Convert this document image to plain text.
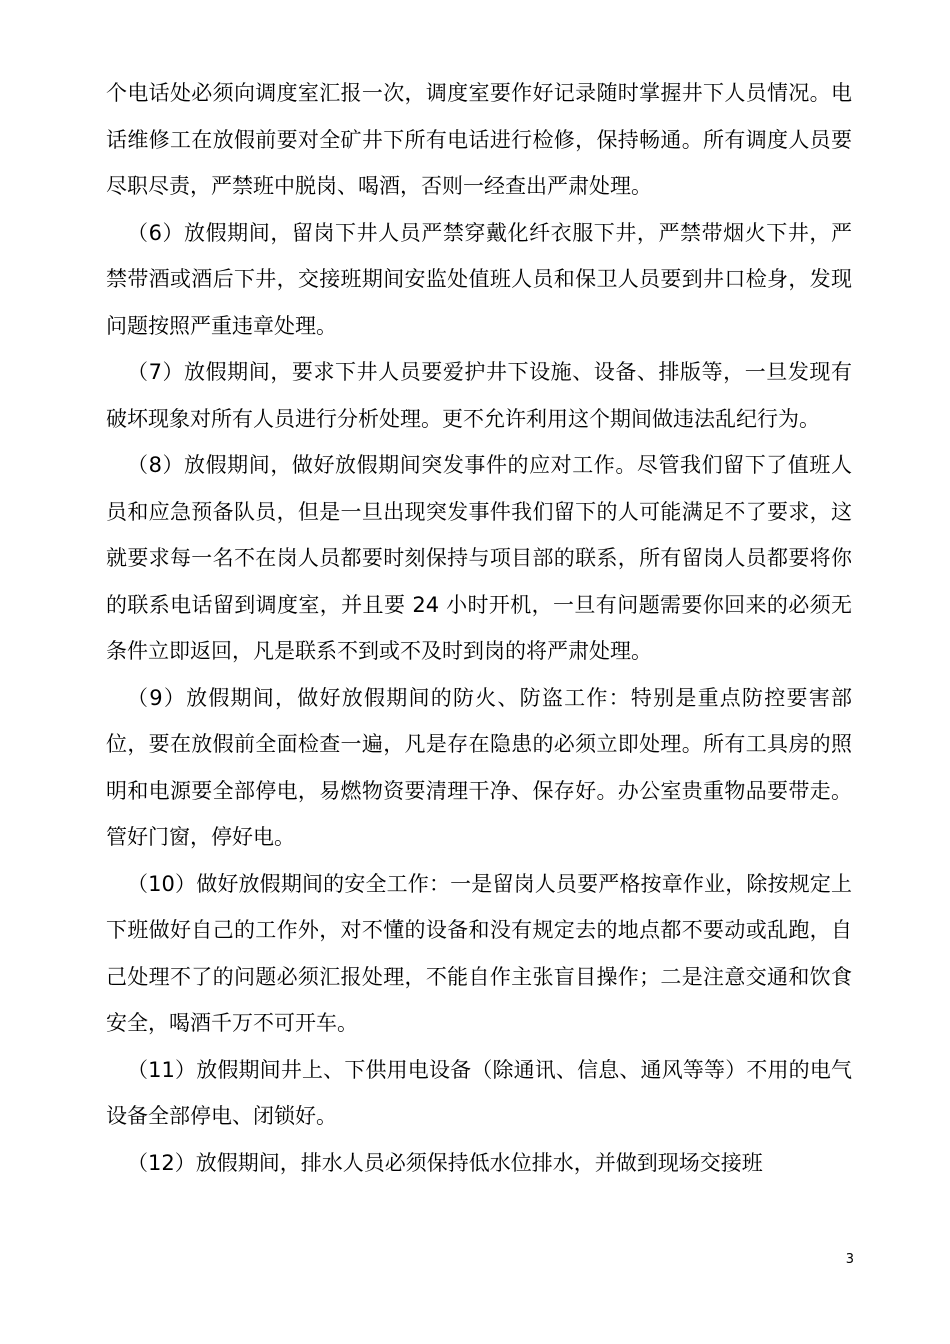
个电话处必须向调度室汇报一次，调度室要作好记录随时掌握井下人员情况。电话维修工在放假前要对全矿井下所有电话进行检修，保持畅通。所有调度人员要尽职尽责，严禁班中脱岗、喝酒，否则一经查出严肃处理。

（6）放假期间，留岗下井人员严禁穿戴化纤衣服下井，严禁带烟火下井，严禁带酒或酒后下井，交接班期间安监处值班人员和保卫人员要到井口检身，发现问题按照严重违章处理。

（7）放假期间，要求下井人员要爱护井下设施、设备、排版等，一旦发现有破坏现象对所有人员进行分析处理。更不允许利用这个期间做违法乱纪行为。

（8）放假期间，做好放假期间突发事件的应对工作。尽管我们留下了值班人员和应急预备队员，但是一旦出现突发事件我们留下的人可能满足不了要求，这就要求每一名不在岗人员都要时刻保持与项目部的联系，所有留岗人员都要将你的联系电话留到调度室，并且要 24 小时开机，一旦有问题需要你回来的必须无条件立即返回，凡是联系不到或不及时到岗的将严肃处理。

（9）放假期间，做好放假期间的防火、防盗工作：特别是重点防控要害部位，要在放假前全面检查一遍，凡是存在隐患的必须立即处理。所有工具房的照明和电源要全部停电，易燃物资要清理干净、保存好。办公室贵重物品要带走。管好门窗，停好电。

（10）做好放假期间的安全工作：一是留岗人员要严格按章作业，除按规定上下班做好自己的工作外，对不懂的设备和没有规定去的地点都不要动或乱跑，自己处理不了的问题必须汇报处理，不能自作主张盲目操作；二是注意交通和饮食安全，喝酒千万不可开车。

（11）放假期间井上、下供用电设备（除通讯、信息、通风等等）不用的电气设备全部停电、闭锁好。

（12）放假期间，排水人员必须保持低水位排水，并做到现场交接班

3
